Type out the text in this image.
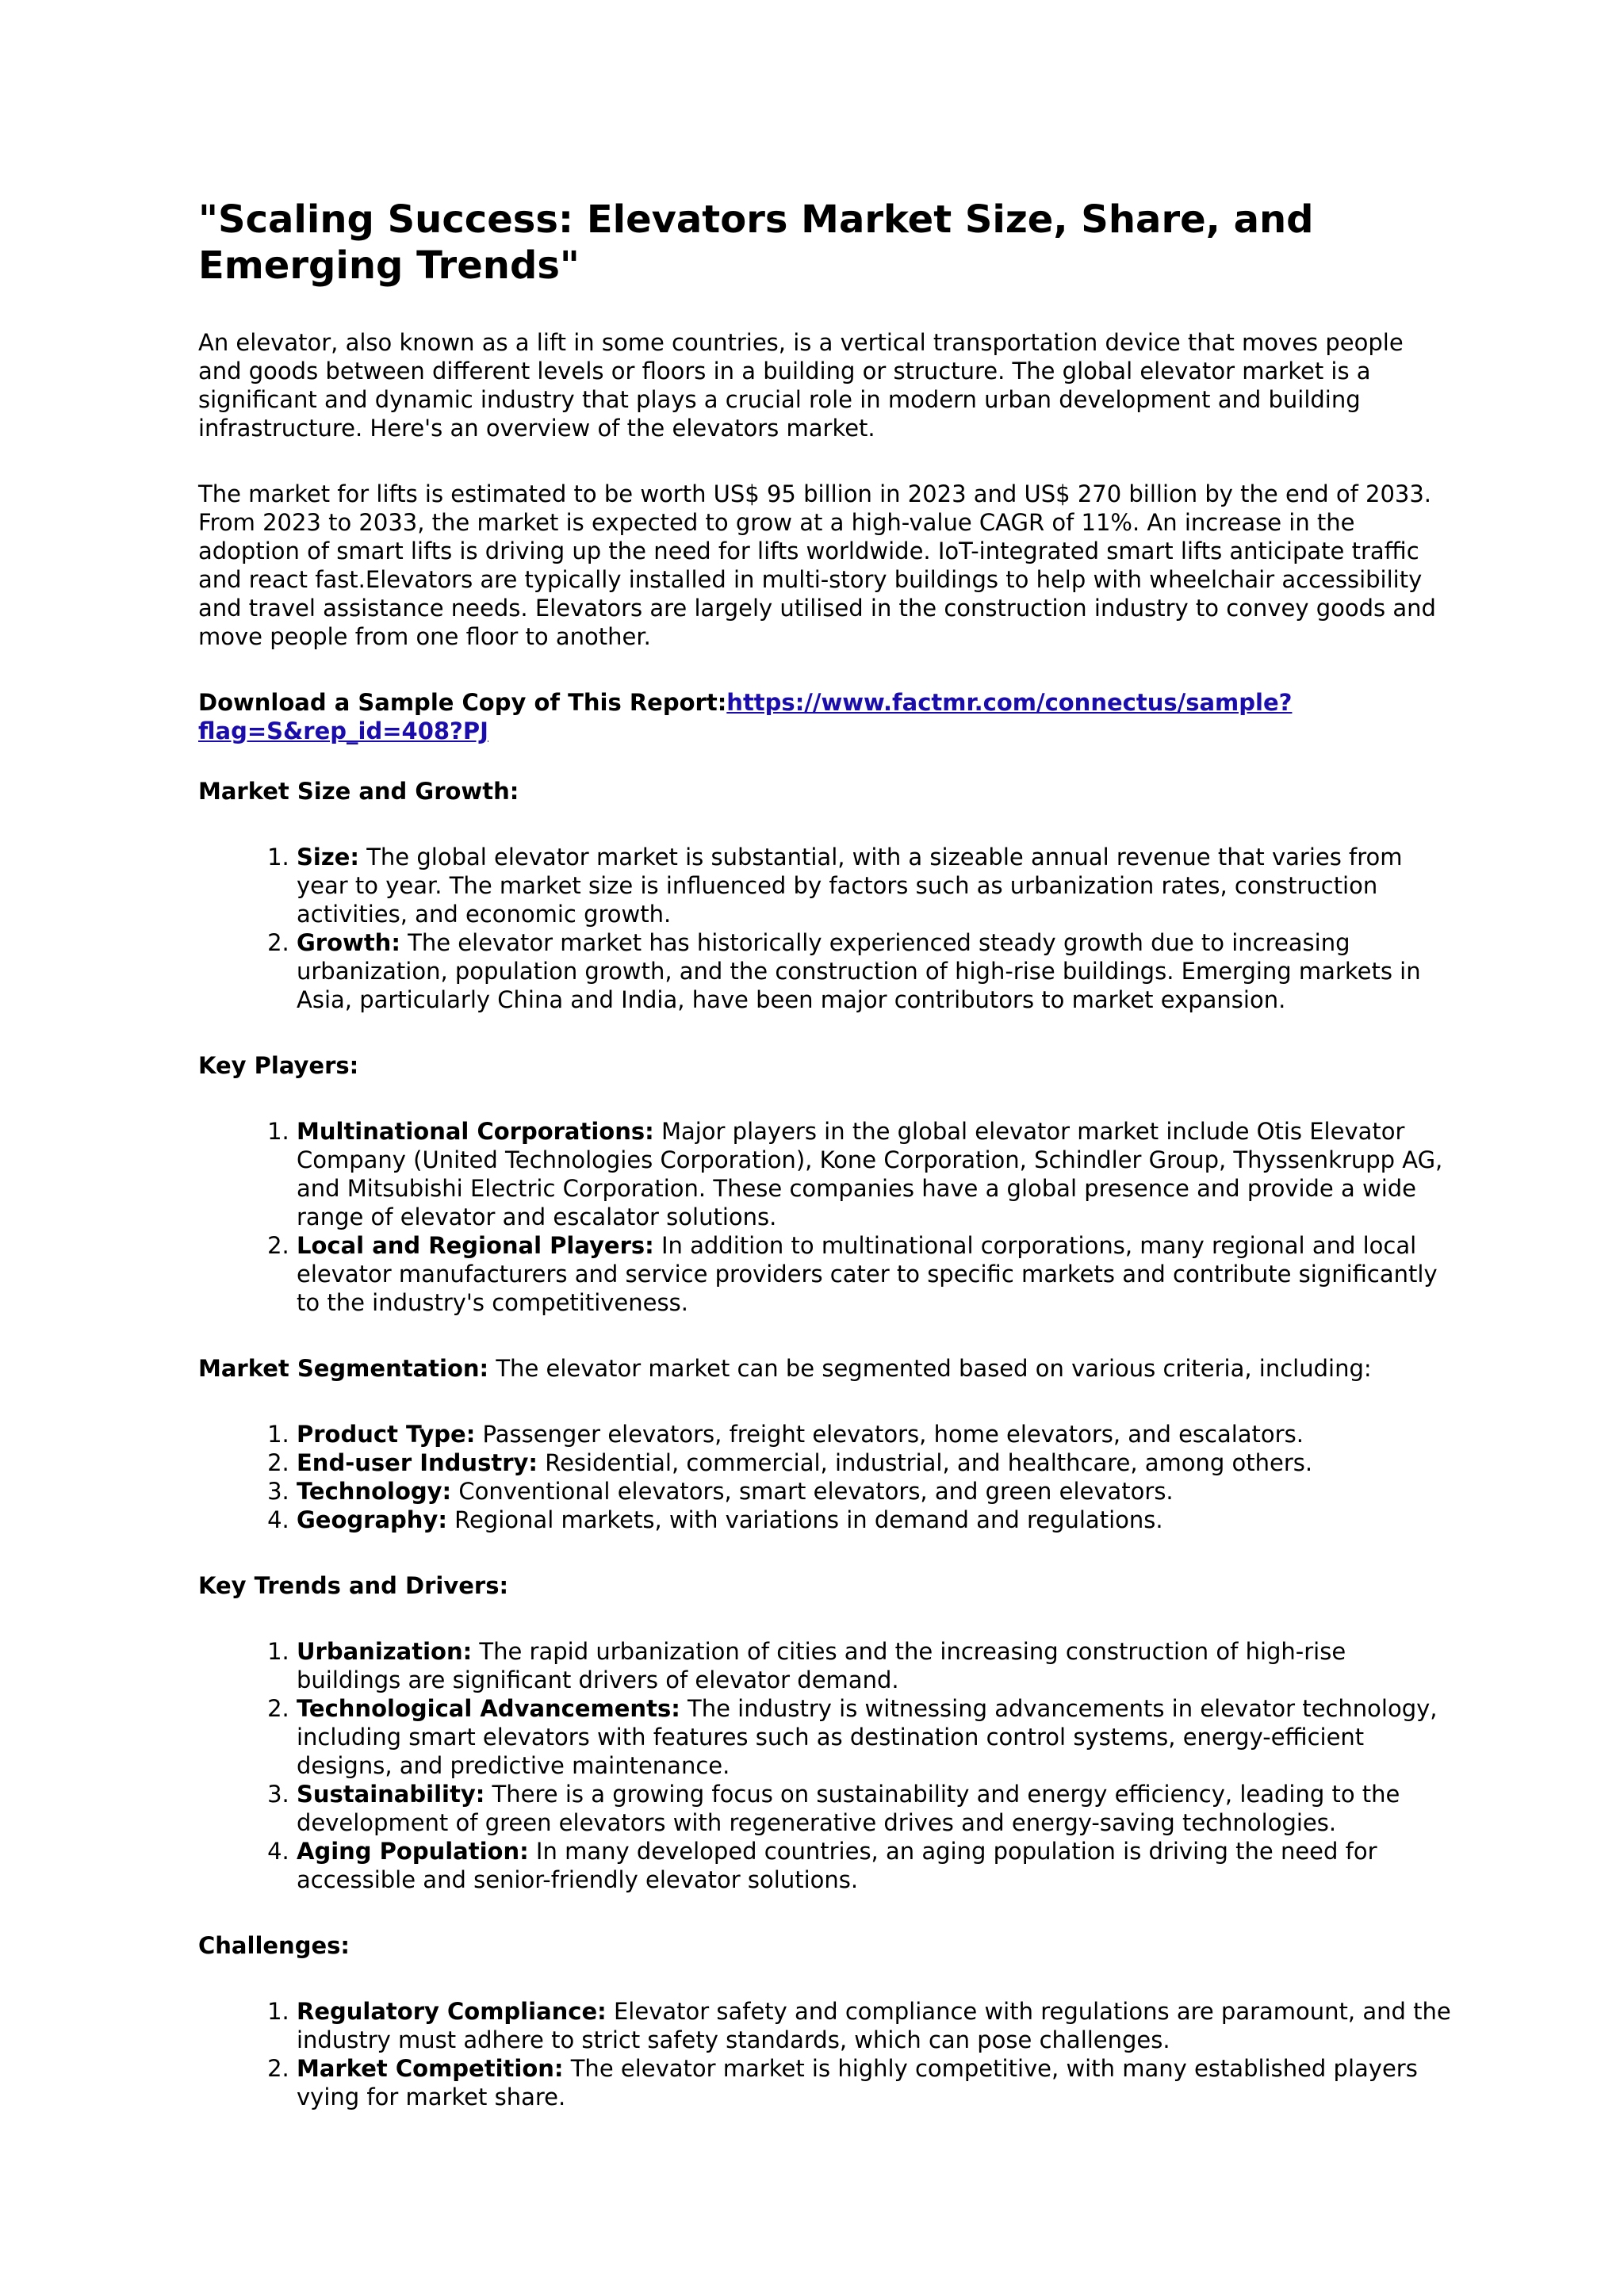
"Scaling Success: Elevators Market Size, Share, and Emerging Trends"

An elevator, also known as a lift in some countries, is a vertical transportation device that moves people and goods between different levels or floors in a building or structure. The global elevator market is a significant and dynamic industry that plays a crucial role in modern urban development and building infrastructure. Here's an overview of the elevators market.

The market for lifts is estimated to be worth US$ 95 billion in 2023 and US$ 270 billion by the end of 2033. From 2023 to 2033, the market is expected to grow at a high-value CAGR of 11%. An increase in the adoption of smart lifts is driving up the need for lifts worldwide. IoT-integrated smart lifts anticipate traffic and react fast.Elevators are typically installed in multi-story buildings to help with wheelchair accessibility and travel assistance needs. Elevators are largely utilised in the construction industry to convey goods and move people from one floor to another.

Download a Sample Copy of This Report:https://www.factmr.com/connectus/sample?flag=S&rep_id=408?PJ
Market Size and Growth:
1. Size: The global elevator market is substantial, with a sizeable annual revenue that varies from year to year. The market size is influenced by factors such as urbanization rates, construction activities, and economic growth.
2. Growth: The elevator market has historically experienced steady growth due to increasing urbanization, population growth, and the construction of high-rise buildings. Emerging markets in Asia, particularly China and India, have been major contributors to market expansion.
Key Players:
1. Multinational Corporations: Major players in the global elevator market include Otis Elevator Company (United Technologies Corporation), Kone Corporation, Schindler Group, Thyssenkrupp AG, and Mitsubishi Electric Corporation. These companies have a global presence and provide a wide range of elevator and escalator solutions.
2. Local and Regional Players: In addition to multinational corporations, many regional and local elevator manufacturers and service providers cater to specific markets and contribute significantly to the industry's competitiveness.

Market Segmentation: The elevator market can be segmented based on various criteria, including:

1. Product Type: Passenger elevators, freight elevators, home elevators, and escalators.
2. End-user Industry: Residential, commercial, industrial, and healthcare, among others.
3. Technology: Conventional elevators, smart elevators, and green elevators.
4. Geography: Regional markets, with variations in demand and regulations.
Key Trends and Drivers:
1. Urbanization: The rapid urbanization of cities and the increasing construction of high-rise buildings are significant drivers of elevator demand.
2. Technological Advancements: The industry is witnessing advancements in elevator technology, including smart elevators with features such as destination control systems, energy-efficient designs, and predictive maintenance.
3. Sustainability: There is a growing focus on sustainability and energy efficiency, leading to the development of green elevators with regenerative drives and energy-saving technologies.
4. Aging Population: In many developed countries, an aging population is driving the need for accessible and senior-friendly elevator solutions.
Challenges:
1. Regulatory Compliance: Elevator safety and compliance with regulations are paramount, and the industry must adhere to strict safety standards, which can pose challenges.
2. Market Competition: The elevator market is highly competitive, with many established players vying for market share.
